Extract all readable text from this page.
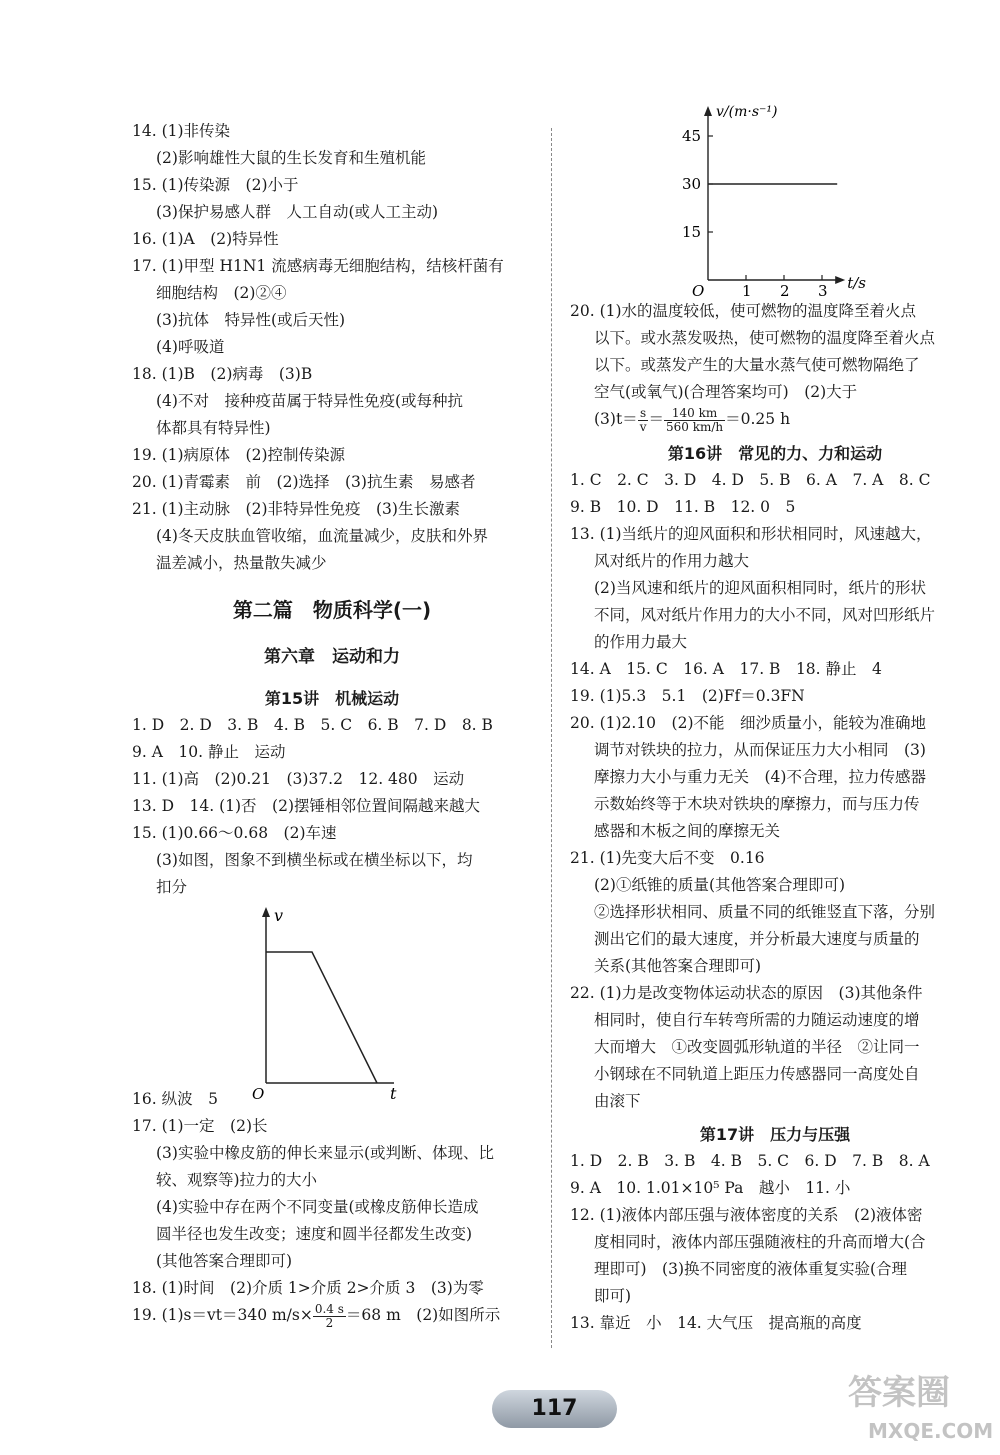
14. (1)非传染
(2)影响雄性大鼠的生长发育和生殖机能
15. (1)传染源　(2)小于
(3)保护易感人群　人工自动(或人工主动)
16. (1)A　(2)特异性
17. (1)甲型 H1N1 流感病毒无细胞结构，结核杆菌有
细胞结构　(2)②④
(3)抗体　特异性(或后天性)
(4)呼吸道
18. (1)B　(2)病毒　(3)B
(4)不对　接种疫苗属于特异性免疫(或每种抗
体都具有特异性)
19. (1)病原体　(2)控制传染源
20. (1)青霉素　前　(2)选择　(3)抗生素　易感者
21. (1)主动脉　(2)非特异性免疫　(3)生长激素
(4)冬天皮肤血管收缩，血流量减少，皮肤和外界
温差减小，热量散失减少
第二篇　物质科学(一)
第六章　运动和力
第15讲　机械运动
1. D　2. D　3. B　4. B　5. C　6. B　7. D　8. B
9. A　10. 静止　运动
11. (1)高　(2)0.21　(3)37.2　12. 480　运动
13. D　14. (1)否　(2)摆锤相邻位置间隔越来越大
15. (1)0.66～0.68　(2)车速
(3)如图，图象不到横坐标或在横坐标以下，均
扣分
v
t
O
16. 纵波　5
17. (1)一定　(2)长
(3)实验中橡皮筋的伸长来显示(或判断、体现、比
较、观察等)拉力的大小
(4)实验中存在两个不同变量(或橡皮筋伸长造成
圆半径也发生改变；速度和圆半径都发生改变)
(其他答案合理即可)
18. (1)时间　(2)介质 1>介质 2>介质 3　(3)为零
19. (1)s＝vt＝340 $m/s\times \frac{0.4 s}{2} =68$ m　(2)如图所示
15
30
45
1 2 3
v/(m·s⁻¹)
t/s
O
20. (1)水的温度较低，使可燃物的温度降至着火点
以下。或水蒸发吸热，使可燃物的温度降至着火点
以下。或蒸发产生的大量水蒸气使可燃物隔绝了
空气(或氧气)(合理答案均可)　(2)大于
$(3)t= \frac{s}{v} = \frac{140 km}{560 km/h} =0.25$ h
第16讲　常见的力、力和运动
1. C　2. C　3. D　4. D　5. B　6. A　7. A　8. C
9. B　10. D　11. B　12. 0　5
13. (1)当纸片的迎风面积和形状相同时，风速越大，
风对纸片的作用力越大
(2)当风速和纸片的迎风面积相同时，纸片的形状
不同，风对纸片作用力的大小不同，风对凹形纸片
的作用力最大
14. A　15. C　16. A　17. B　18. 静止　4
19. (1)5.3　5.1　(2)Ff＝0.3FN
20. (1)2.10　(2)不能　细沙质量小，能较为准确地
调节对铁块的拉力，从而保证压力大小相同　(3)
摩擦力大小与重力无关　(4)不合理，拉力传感器
示数始终等于木块对铁块的摩擦力，而与压力传
感器和木板之间的摩擦无关
21. (1)先变大后不变　0.16
(2)①纸锥的质量(其他答案合理即可)
②选择形状相同、质量不同的纸锥竖直下落，分别
测出它们的最大速度，并分析最大速度与质量的
关系(其他答案合理即可)
22. (1)力是改变物体运动状态的原因　(3)其他条件
相同时，使自行车转弯所需的力随运动速度的增
大而增大　①改变圆弧形轨道的半径　②让同一
小钢球在不同轨道上距压力传感器同一高度处自
由滚下
第17讲　压力与压强
1. D　2. B　3. B　4. B　5. C　6. D　7. B　8. A
9. A　10. 1.01×10⁵ Pa　越小　11. 小
12. (1)液体内部压强与液体密度的关系　(2)液体密
度相同时，液体内部压强随液柱的升高而增大(合
理即可)　(3)换不同密度的液体重复实验(合理
即可)
13. 靠近　小　14. 大气压　提高瓶的高度
117	答案圈
MXQE.COM
